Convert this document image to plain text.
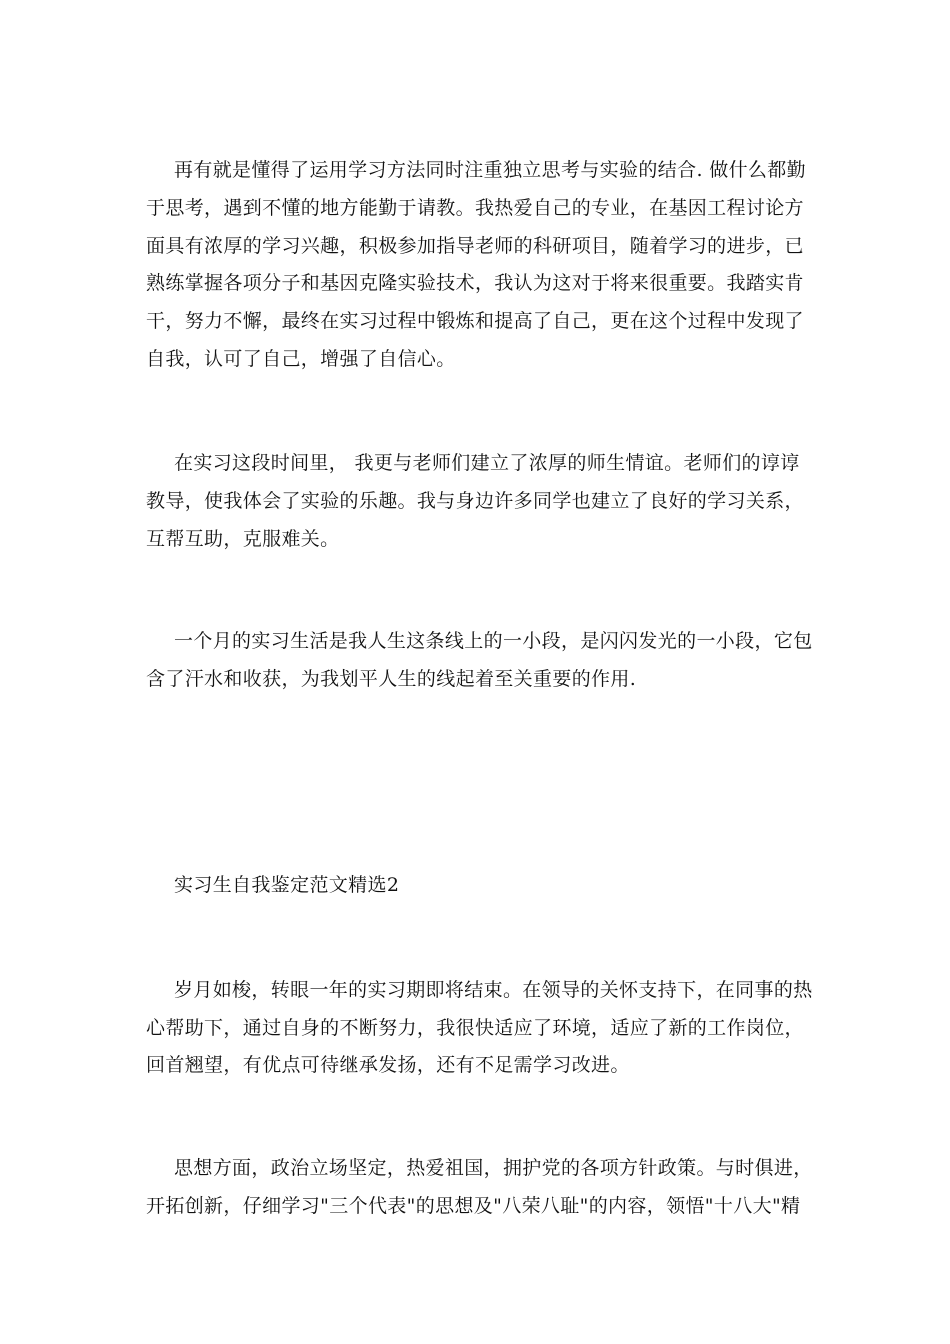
再有就是懂得了运用学习方法同时注重独立思考与实验的结合. 做什么都勤
于思考，遇到不懂的地方能勤于请教。我热爱自己的专业，在基因工程讨论方
面具有浓厚的学习兴趣，积极参加指导老师的科研项目，随着学习的进步，已
熟练掌握各项分子和基因克隆实验技术，我认为这对于将来很重要。我踏实肯
干，努力不懈，最终在实习过程中锻炼和提高了自己，更在这个过程中发现了
自我，认可了自己，增强了自信心。
在实习这段时间里， 我更与老师们建立了浓厚的师生情谊。老师们的谆谆
教导，使我体会了实验的乐趣。我与身边许多同学也建立了良好的学习关系，
互帮互助，克服难关。
一个月的实习生活是我人生这条线上的一小段，是闪闪发光的一小段，它包
含了汗水和收获，为我划平人生的线起着至关重要的作用.
实习生自我鉴定范文精选2
岁月如梭，转眼一年的实习期即将结束。在领导的关怀支持下，在同事的热
心帮助下，通过自身的不断努力，我很快适应了环境，适应了新的工作岗位，
回首翘望，有优点可待继承发扬，还有不足需学习改进。
思想方面，政治立场坚定，热爱祖国，拥护党的各项方针政策。与时俱进，
开拓创新，仔细学习"三个代表"的思想及"八荣八耻"的内容，领悟"十八大"精
